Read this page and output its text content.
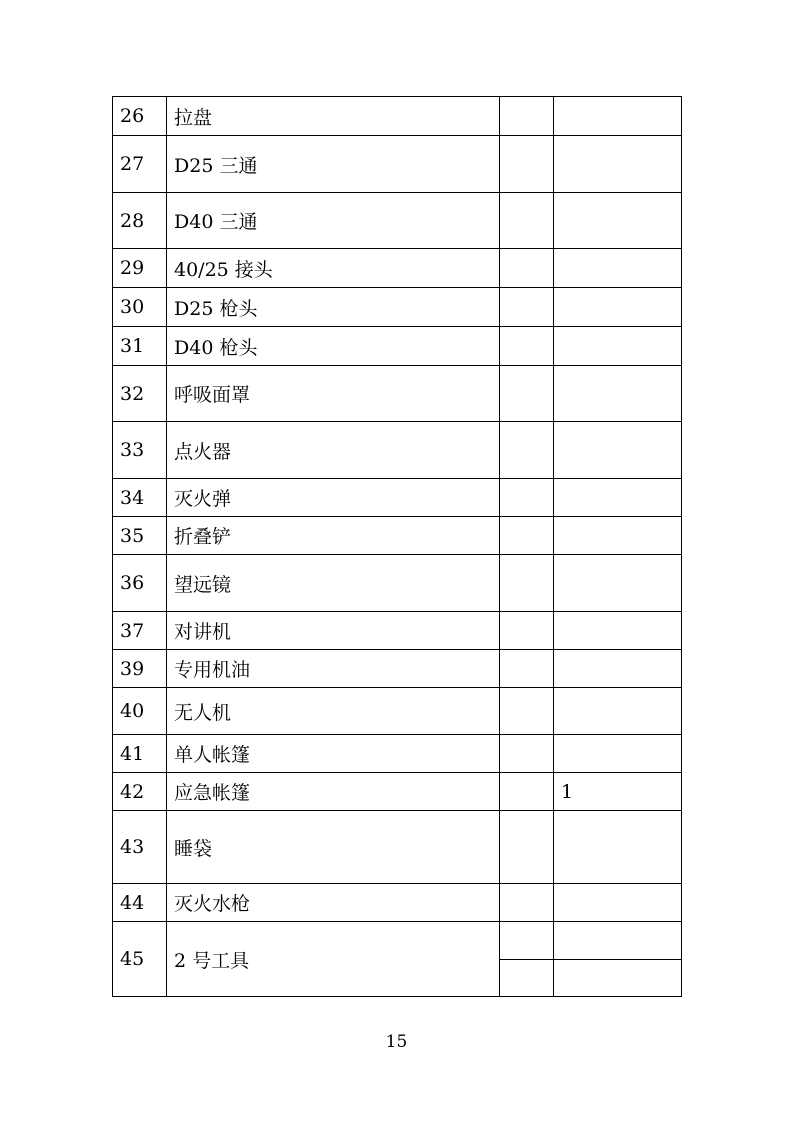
26	拉盘		
27	D25 三通		
28	D40 三通		
29	40/25 接头		
30	D25 枪头		
31	D40 枪头		
32	呼吸面罩		
33	点火器		
34	灭火弹		
35	折叠铲		
36	望远镜		
37	对讲机		
39	专用机油		
40	无人机		
41	单人帐篷		
42	应急帐篷		1
43	睡袋		
44	灭火水枪		
45	2 号工具		

15
